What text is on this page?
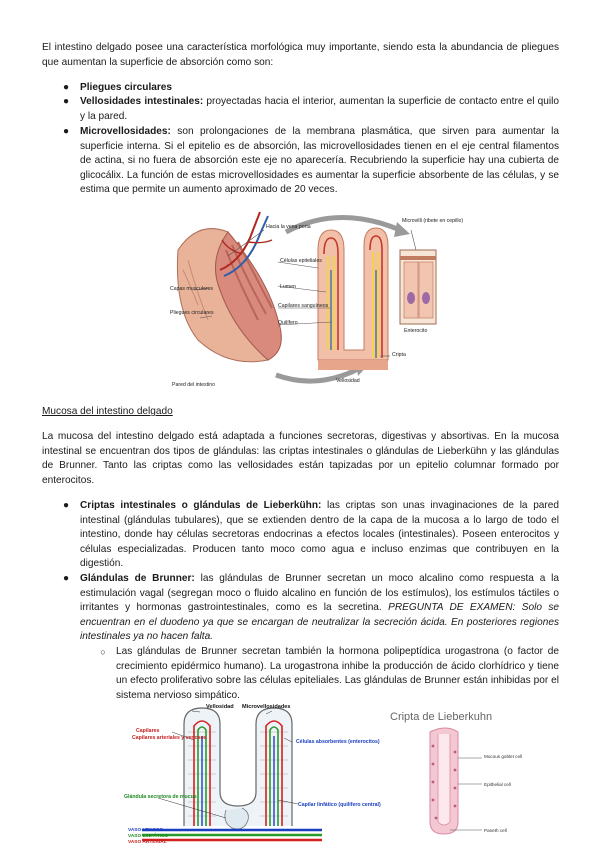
El intestino delgado posee una característica morfológica muy importante, siendo esta la abundancia de pliegues que aumentan la superficie de absorción como son:

● Pliegues circulares

● Vellosidades intestinales: proyectadas hacia el interior, aumentan la superficie de contacto entre el quilo y la pared.

● Microvellosidades: son prolongaciones de la membrana plasmática, que sirven para aumentar la superficie interna. Si el epitelio es de absorción, las microvellosidades tienen en el eje central filamentos de actina, si no fuera de absorción este eje no aparecería. Recubriendo la superficie hay una cubierta de glicocálix. La función de estas microvellosidades es aumentar la superficie absorbente de las células, y se estima que permite un aumento aproximado de 20 veces.

Hacia la vena porta
Microvilli (ribete en cepillo)
Células epiteliales
Lumen
Capas musculares
Pliegues circulares
Capilares sanguíneos
Quilífero
Enterocito
Cripta
Pared del intestino
Vellosidad

Mucosa del intestino delgado

La mucosa del intestino delgado está adaptada a funciones secretoras, digestivas y absortivas. En la mucosa intestinal se encuentran dos tipos de glándulas: las criptas intestinales o glándulas de Lieberkühn y las glándulas de Brunner. Tanto las criptas como las vellosidades están tapizadas por un epitelio columnar formado por enterocitos.

● Criptas intestinales o glándulas de Lieberkühn: las criptas son unas invaginaciones de la pared intestinal (glándulas tubulares), que se extienden dentro de la capa de la mucosa a lo largo de todo el intestino, donde hay células secretoras endocrinas a efectos locales (intestinales). Poseen enterocitos y células especializadas. Producen tanto moco como agua e incluso enzimas que contribuyen en la digestión.

● Glándulas de Brunner: las glándulas de Brunner secretan un moco alcalino como respuesta a la estimulación vagal (segregan moco o fluido alcalino en función de los estímulos), los estímulos táctiles o irritantes y hormonas gastrointestinales, como es la secretina. PREGUNTA DE EXAMEN: Solo se encuentran en el duodeno ya que se encargan de neutralizar la secreción ácida. En posteriores regiones intestinales ya no hacen falta.

○ Las glándulas de Brunner secretan también la hormona polipeptídica urogastrona (o factor de crecimiento epidérmico humano). La urogastrona inhibe la producción de ácido clorhídrico y tiene un efecto proliferativo sobre las células epiteliales. Las glándulas de Brunner están inhibidas por el sistema nervioso simpático.

Vellosidad Microvellosidades
Capilares
Capilares arteriales y venosos
Células absorbentes (enterocitos)
Glándula secretora de mucus
Capilar linfático (quilífero central)
VASO VENOSO
VASO LINFÁTICO
VASO ARTERIAL
Cripta de Lieberkuhn
Mucous goblet cell
Epithelial cell
Paneth cell
